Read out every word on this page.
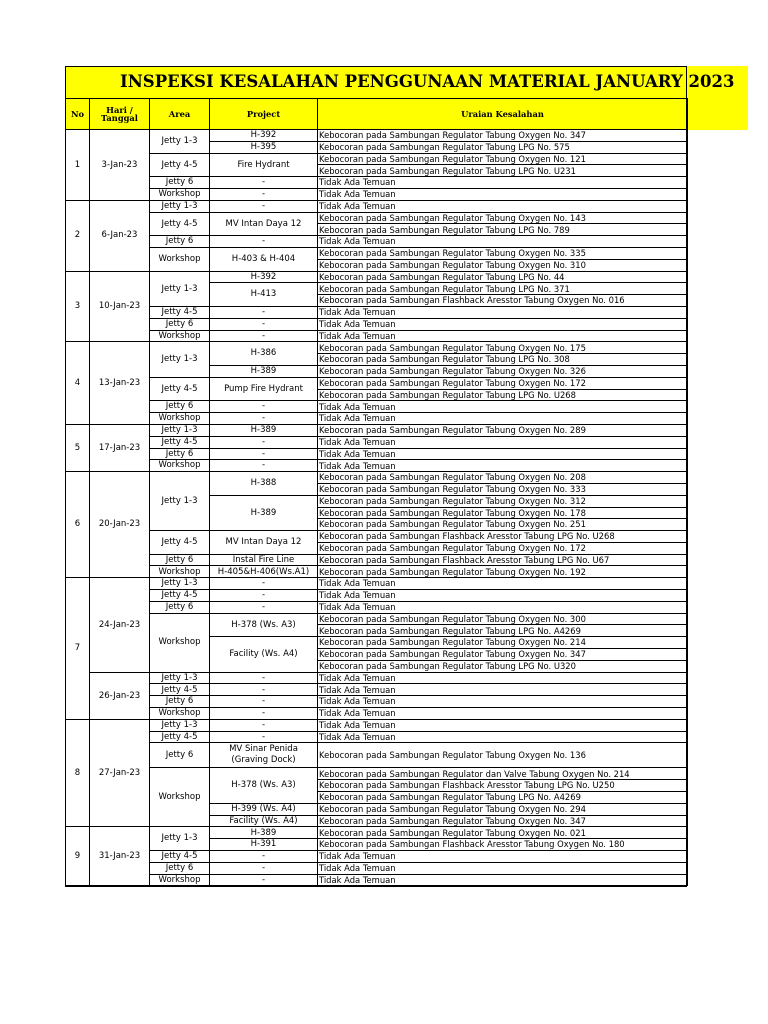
INSPEKSI KESALAHAN PENGGUNAAN MATERIAL JANUARY 2023
No	Hari / Tanggal	Area	Project	Uraian Kesalahan
1	3-Jan-23	Jetty 1-3	H-392	Kebocoran pada Sambungan Regulator Tabung Oxygen No. 347
			H-395	Kebocoran pada Sambungan Regulator Tabung LPG No. 575
		Jetty 4-5	Fire Hydrant	Kebocoran pada Sambungan Regulator Tabung Oxygen No. 121
				Kebocoran pada Sambungan Regulator Tabung LPG No. U231
		Jetty 6	-	Tidak Ada Temuan
		Workshop	-	Tidak Ada Temuan
2	6-Jan-23	Jetty 1-3	-	Tidak Ada Temuan
		Jetty 4-5	MV Intan Daya 12	Kebocoran pada Sambungan Regulator Tabung Oxygen No. 143
				Kebocoran pada Sambungan Regulator Tabung LPG No. 789
		Jetty 6	-	Tidak Ada Temuan
		Workshop	H-403 & H-404	Kebocoran pada Sambungan Regulator Tabung Oxygen No. 335
				Kebocoran pada Sambungan Regulator Tabung Oxygen No. 310
3	10-Jan-23	Jetty 1-3	H-392	Kebocoran pada Sambungan Regulator Tabung LPG No. 44
			H-413	Kebocoran pada Sambungan Regulator Tabung LPG No. 371
				Kebocoran pada Sambungan Flashback Aresstor Tabung Oxygen No. 016
		Jetty 4-5	-	Tidak Ada Temuan
		Jetty 6	-	Tidak Ada Temuan
		Workshop	-	Tidak Ada Temuan
4	13-Jan-23	Jetty 1-3	H-386	Kebocoran pada Sambungan Regulator Tabung Oxygen No. 175
				Kebocoran pada Sambungan Regulator Tabung LPG No. 308
			H-389	Kebocoran pada Sambungan Regulator Tabung Oxygen No. 326
		Jetty 4-5	Pump Fire Hydrant	Kebocoran pada Sambungan Regulator Tabung Oxygen No. 172
				Kebocoran pada Sambungan Regulator Tabung LPG No. U268
		Jetty 6	-	Tidak Ada Temuan
		Workshop	-	Tidak Ada Temuan
5	17-Jan-23	Jetty 1-3	H-389	Kebocoran pada Sambungan Regulator Tabung Oxygen No. 289
		Jetty 4-5	-	Tidak Ada Temuan
		Jetty 6	-	Tidak Ada Temuan
		Workshop	-	Tidak Ada Temuan
6	20-Jan-23	Jetty 1-3	H-388	Kebocoran pada Sambungan Regulator Tabung Oxygen No. 208
				Kebocoran pada Sambungan Regulator Tabung Oxygen No. 333
			H-389	Kebocoran pada Sambungan Regulator Tabung Oxygen No. 312
				Kebocoran pada Sambungan Regulator Tabung Oxygen No. 178
				Kebocoran pada Sambungan Regulator Tabung Oxygen No. 251
		Jetty 4-5	MV Intan Daya 12	Kebocoran pada Sambungan Flashback Aresstor Tabung LPG No. U268
				Kebocoran pada Sambungan Regulator Tabung Oxygen No. 172
		Jetty 6	Instal Fire Line	Kebocoran pada Sambungan Flashback Aresstor Tabung LPG No. U67
		Workshop	H-405&H-406(Ws.A1)	Kebocoran pada Sambungan Regulator Tabung Oxygen No. 192
7	24-Jan-23	Jetty 1-3	-	Tidak Ada Temuan
		Jetty 4-5	-	Tidak Ada Temuan
		Jetty 6	-	Tidak Ada Temuan
		Workshop	H-378 (Ws. A3)	Kebocoran pada Sambungan Regulator Tabung Oxygen No. 300
				Kebocoran pada Sambungan Regulator Tabung LPG No. A4269
			Facility (Ws. A4)	Kebocoran pada Sambungan Regulator Tabung Oxygen No. 214
				Kebocoran pada Sambungan Regulator Tabung Oxygen No. 347
				Kebocoran pada Sambungan Regulator Tabung LPG No. U320
	26-Jan-23	Jetty 1-3	-	Tidak Ada Temuan
		Jetty 4-5	-	Tidak Ada Temuan
		Jetty 6	-	Tidak Ada Temuan
		Workshop	-	Tidak Ada Temuan
8	27-Jan-23	Jetty 1-3	-	Tidak Ada Temuan
		Jetty 4-5	-	Tidak Ada Temuan
		Jetty 6	MV Sinar Penida (Graving Dock)	Kebocoran pada Sambungan Regulator Tabung Oxygen No. 136
		Workshop	H-378 (Ws. A3)	Kebocoran pada Sambungan Regulator dan Valve Tabung Oxygen No. 214
				Kebocoran pada Sambungan Flashback Aresstor Tabung LPG No. U250
				Kebocoran pada Sambungan Regulator Tabung LPG No. A4269
			H-399 (Ws. A4)	Kebocoran pada Sambungan Regulator Tabung Oxygen No. 294
			Facility (Ws. A4)	Kebocoran pada Sambungan Regulator Tabung Oxygen No. 347
9	31-Jan-23	Jetty 1-3	H-389	Kebocoran pada Sambungan Regulator Tabung Oxygen No. 021
			H-391	Kebocoran pada Sambungan Flashback Aresstor Tabung Oxygen No. 180
		Jetty 4-5	-	Tidak Ada Temuan
		Jetty 6	-	Tidak Ada Temuan
		Workshop	-	Tidak Ada Temuan
